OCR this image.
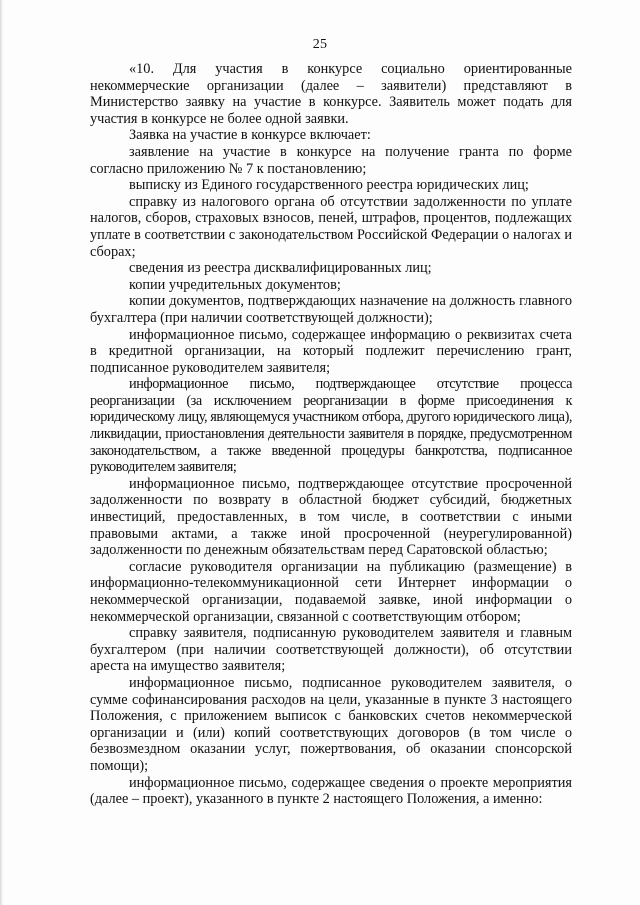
25

«10. Для участия в конкурсе социально ориентированные некоммерческие организации (далее – заявители) представляют в Министерство заявку на участие в конкурсе. Заявитель может подать для участия в конкурсе не более одной заявки.

Заявка на участие в конкурсе включает:

заявление на участие в конкурсе на получение гранта по форме согласно приложению № 7 к постановлению;

выписку из Единого государственного реестра юридических лиц;

справку из налогового органа об отсутствии задолженности по уплате налогов, сборов, страховых взносов, пеней, штрафов, процентов, подлежащих уплате в соответствии с законодательством Российской Федерации о налогах и сборах;

сведения из реестра дисквалифицированных лиц;

копии учредительных документов;

копии документов, подтверждающих назначение на должность главного бухгалтера (при наличии соответствующей должности);

информационное письмо, содержащее информацию о реквизитах счета в кредитной организации, на который подлежит перечислению грант, подписанное руководителем заявителя;

информационное письмо, подтверждающее отсутствие процесса реорганизации (за исключением реорганизации в форме присоединения к юридическому лицу, являющемуся участником отбора, другого юридического лица), ликвидации, приостановления деятельности заявителя в порядке, предусмотренном законодательством, а также введенной процедуры банкротства, подписанное руководителем заявителя;

информационное письмо, подтверждающее отсутствие просроченной задолженности по возврату в областной бюджет субсидий, бюджетных инвестиций, предоставленных, в том числе, в соответствии с иными правовыми актами, а также иной просроченной (неурегулированной) задолженности по денежным обязательствам перед Саратовской областью;

согласие руководителя организации на публикацию (размещение) в информационно-телекоммуникационной сети Интернет информации о некоммерческой организации, подаваемой заявке, иной информации о некоммерческой организации, связанной с соответствующим отбором;

справку заявителя, подписанную руководителем заявителя и главным бухгалтером (при наличии соответствующей должности), об отсутствии ареста на имущество заявителя;

информационное письмо, подписанное руководителем заявителя, о сумме софинансирования расходов на цели, указанные в пункте 3 настоящего Положения, с приложением выписок с банковских счетов некоммерческой организации и (или) копий соответствующих договоров (в том числе о безвозмездном оказании услуг, пожертвования, об оказании спонсорской помощи);

информационное письмо, содержащее сведения о проекте мероприятия (далее – проект), указанного в пункте 2 настоящего Положения, а именно:
